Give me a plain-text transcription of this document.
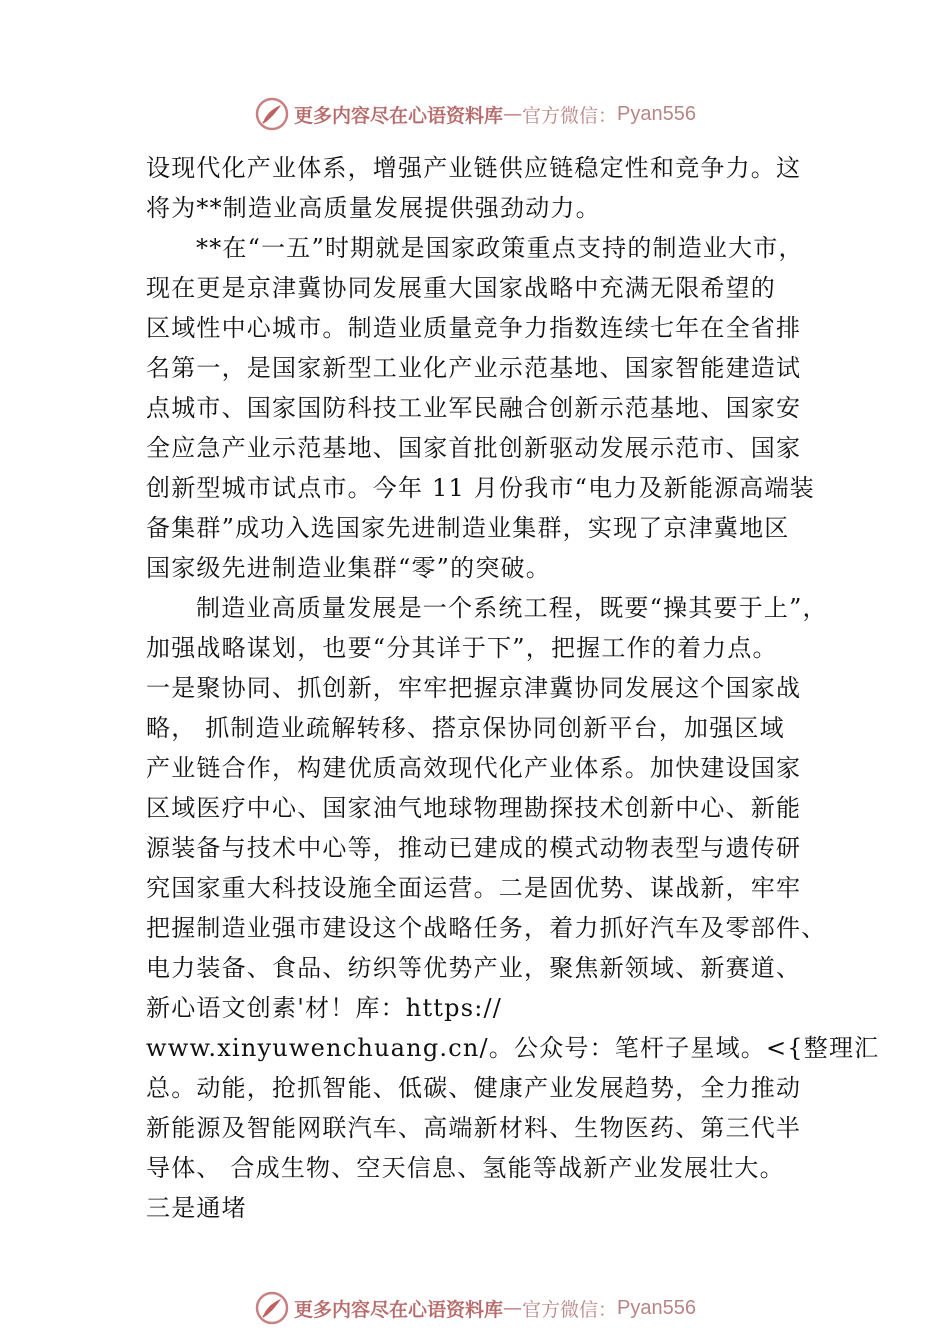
更多内容尽在心语资料库 — 官方微信： Pyan556
设现代化产业体系，增强产业链供应链稳定性和竞争力。这
将为**制造业高质量发展提供强劲动力。
**在“一五”时期就是国家政策重点支持的制造业大市，
现在更是京津冀协同发展重大国家战略中充满无限希望的
区域性中心城市。制造业质量竞争力指数连续七年在全省排
名第一，是国家新型工业化产业示范基地、国家智能建造试
点城市、国家国防科技工业军民融合创新示范基地、国家安
全应急产业示范基地、国家首批创新驱动发展示范市、国家
创新型城市试点市。今年 11 月份我市“电力及新能源高端装
备集群”成功入选国家先进制造业集群，实现了京津冀地区
国家级先进制造业集群“零”的突破。
制造业高质量发展是一个系统工程，既要“操其要于上”，
加强战略谋划，也要“分其详于下”，把握工作的着力点。
一是聚协同、抓创新，牢牢把握京津冀协同发展这个国家战
略， 抓制造业疏解转移、搭京保协同创新平台，加强区域
产业链合作，构建优质高效现代化产业体系。加快建设国家
区域医疗中心、国家油气地球物理勘探技术创新中心、新能
源装备与技术中心等，推动已建成的模式动物表型与遗传研
究国家重大科技设施全面运营。二是固优势、谋战新，牢牢
把握制造业强市建设这个战略任务，着力抓好汽车及零部件、
电力装备、食品、纺织等优势产业，聚焦新领域、新赛道、
新心语文创素'材！库：https://
www.xinyuwenchuang.cn/。公众号：笔杆子星域。<{整理汇
总。动能，抢抓智能、低碳、健康产业发展趋势，全力推动
新能源及智能网联汽车、高端新材料、生物医药、第三代半
导体、 合成生物、空天信息、氢能等战新产业发展壮大。
三是通堵
更多内容尽在心语资料库 — 官方微信： Pyan556
